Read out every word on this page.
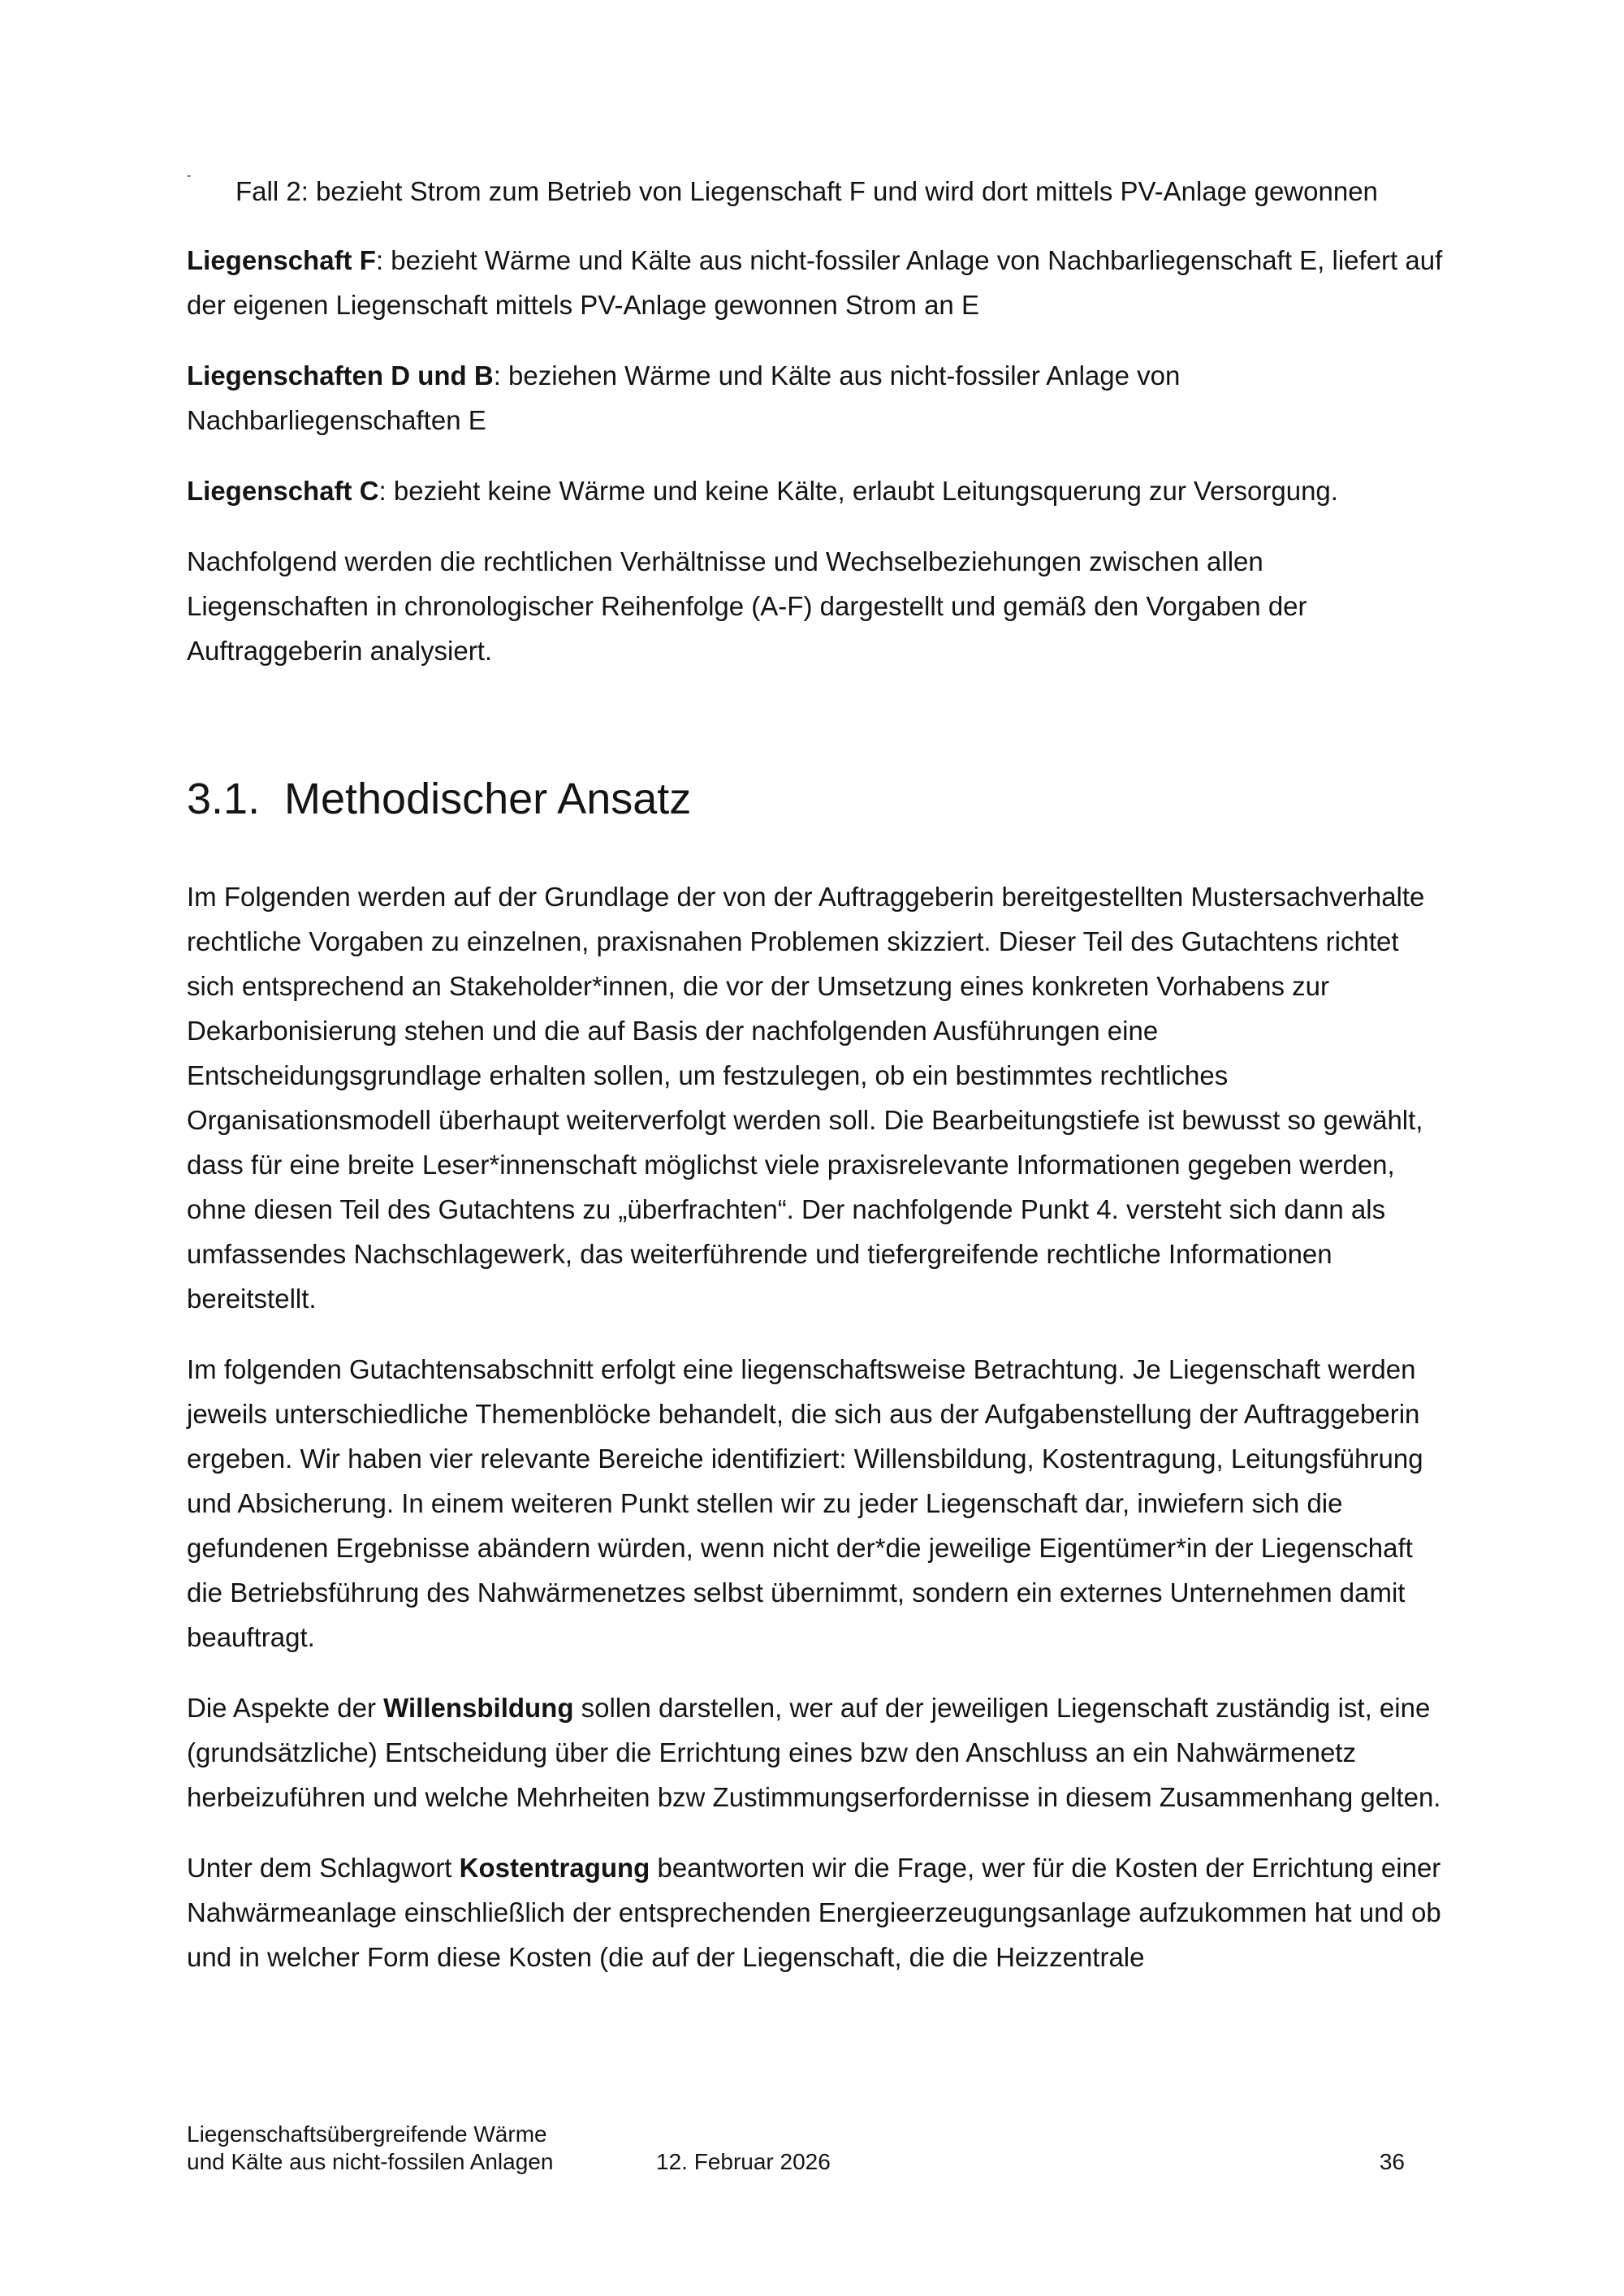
-

Fall 2: bezieht Strom zum Betrieb von Liegenschaft F und wird dort mittels PV-Anlage gewonnen

Liegenschaft F: bezieht Wärme und Kälte aus nicht-fossiler Anlage von Nachbarliegenschaft E, liefert auf der eigenen Liegenschaft mittels PV-Anlage gewonnen Strom an E

Liegenschaften D und B: beziehen Wärme und Kälte aus nicht-fossiler Anlage von Nachbarliegenschaften E

Liegenschaft C: bezieht keine Wärme und keine Kälte, erlaubt Leitungsquerung zur Versorgung.

Nachfolgend werden die rechtlichen Verhältnisse und Wechselbeziehungen zwischen allen Liegenschaften in chronologischer Reihenfolge (A-F) dargestellt und gemäß den Vorgaben der Auftraggeberin analysiert.

3.1. Methodischer Ansatz

Im Folgenden werden auf der Grundlage der von der Auftraggeberin bereitgestellten Mustersachverhalte rechtliche Vorgaben zu einzelnen, praxisnahen Problemen skizziert. Dieser Teil des Gutachtens richtet sich entsprechend an Stakeholder*innen, die vor der Umsetzung eines konkreten Vorhabens zur Dekarbonisierung stehen und die auf Basis der nachfolgenden Ausführungen eine Entscheidungsgrundlage erhalten sollen, um festzulegen, ob ein bestimmtes rechtliches Organisationsmodell überhaupt weiterverfolgt werden soll. Die Bearbeitungstiefe ist bewusst so gewählt, dass für eine breite Leser*innenschaft möglichst viele praxisrelevante Informationen gegeben werden, ohne diesen Teil des Gutachtens zu „überfrachten“. Der nachfolgende Punkt 4. versteht sich dann als umfassendes Nachschlagewerk, das weiterführende und tiefergreifende rechtliche Informationen bereitstellt.

Im folgenden Gutachtensabschnitt erfolgt eine liegenschaftsweise Betrachtung. Je Liegenschaft werden jeweils unterschiedliche Themenblöcke behandelt, die sich aus der Aufgabenstellung der Auftraggeberin ergeben. Wir haben vier relevante Bereiche identifiziert: Willensbildung, Kostentragung, Leitungsführung und Absicherung. In einem weiteren Punkt stellen wir zu jeder Liegenschaft dar, inwiefern sich die gefundenen Ergebnisse abändern würden, wenn nicht der*die jeweilige Eigentümer*in der Liegenschaft die Betriebsführung des Nahwärmenetzes selbst übernimmt, sondern ein externes Unternehmen damit beauftragt.

Die Aspekte der Willensbildung sollen darstellen, wer auf der jeweiligen Liegenschaft zuständig ist, eine (grundsätzliche) Entscheidung über die Errichtung eines bzw den Anschluss an ein Nahwärmenetz herbeizuführen und welche Mehrheiten bzw Zustimmungserfordernisse in diesem Zusammenhang gelten.

Unter dem Schlagwort Kostentragung beantworten wir die Frage, wer für die Kosten der Errichtung einer Nahwärmeanlage einschließlich der entsprechenden Energieerzeugungsanlage aufzukommen hat und ob und in welcher Form diese Kosten (die auf der Liegenschaft, die die Heizzentrale

Liegenschaftsübergreifende Wärme
und Kälte aus nicht-fossilen Anlagen	12. Februar 2026	36
